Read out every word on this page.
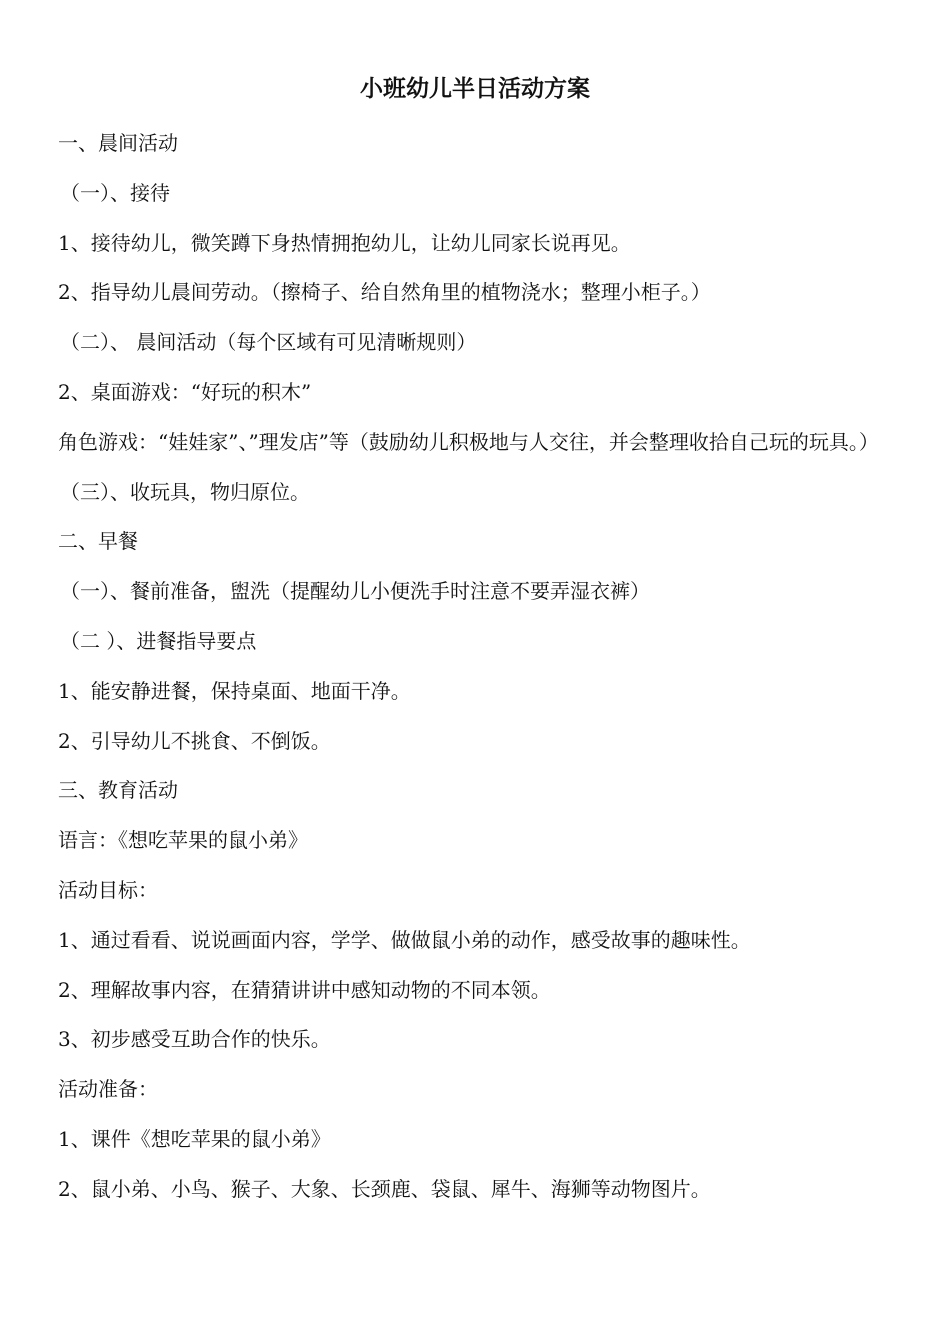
小班幼儿半日活动方案

一、晨间活动

（一）、接待

1、接待幼儿，微笑蹲下身热情拥抱幼儿，让幼儿同家长说再见。

2、指导幼儿晨间劳动。（擦椅子、给自然角里的植物浇水；整理小柜子。）

（二）、 晨间活动（每个区域有可见清晰规则）

2、桌面游戏：“好玩的积木”

角色游戏：“娃娃家”、”理发店”等（鼓励幼儿积极地与人交往，并会整理收拾自己玩的玩具。）

（三）、收玩具，物归原位。

二、早餐

（一）、餐前准备，盥洗（提醒幼儿小便洗手时注意不要弄湿衣裤）

（二 ）、进餐指导要点

1、能安静进餐，保持桌面、地面干净。

2、引导幼儿不挑食、不倒饭。

三、教育活动

语言：《想吃苹果的鼠小弟》

活动目标：

1、通过看看、说说画面内容，学学、做做鼠小弟的动作，感受故事的趣味性。

2、理解故事内容，在猜猜讲讲中感知动物的不同本领。

3、初步感受互助合作的快乐。

活动准备：

1、课件《想吃苹果的鼠小弟》

2、鼠小弟、小鸟、猴子、大象、长颈鹿、袋鼠、犀牛、海狮等动物图片。
